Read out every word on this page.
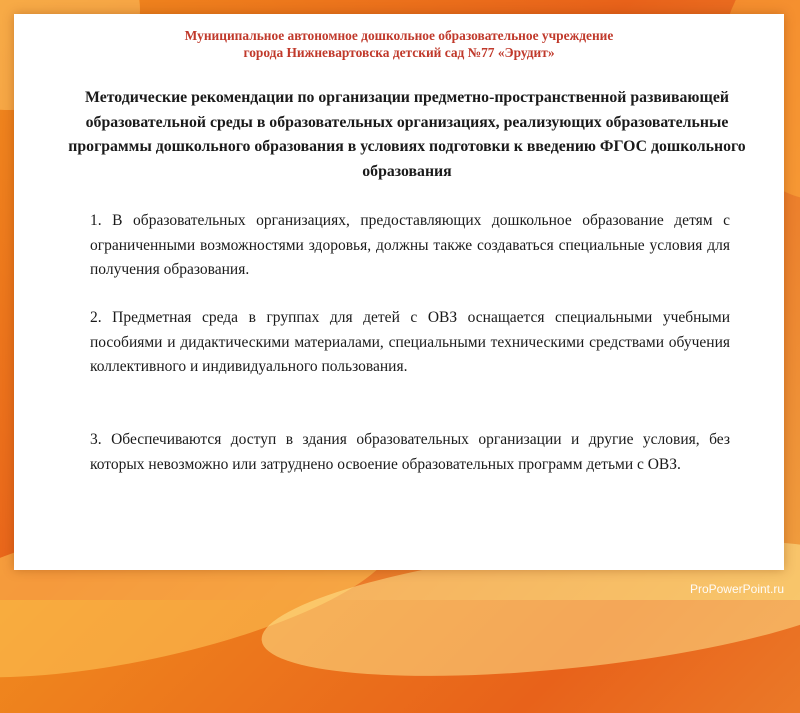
Муниципальное автономное дошкольное образовательное учреждение
города Нижневартовска детский сад №77 «Эрудит»
Методические рекомендации по организации предметно-пространственной развивающей образовательной среды в образовательных организациях, реализующих образовательные программы дошкольного образования в условиях подготовки к введению ФГОС дошкольного образования
1. В образовательных организациях, предоставляющих дошкольное образование детям с ограниченными возможностями здоровья, должны также создаваться специальные условия для получения образования.
2. Предметная среда в группах для детей с ОВЗ оснащается специальными учебными пособиями и дидактическими материалами, специальными техническими средствами обучения коллективного и индивидуального пользования.
3. Обеспечиваются доступ в здания образовательных организации и другие условия, без которых невозможно или затруднено освоение образовательных программ детьми с ОВЗ.
ProPowerPoint.ru
